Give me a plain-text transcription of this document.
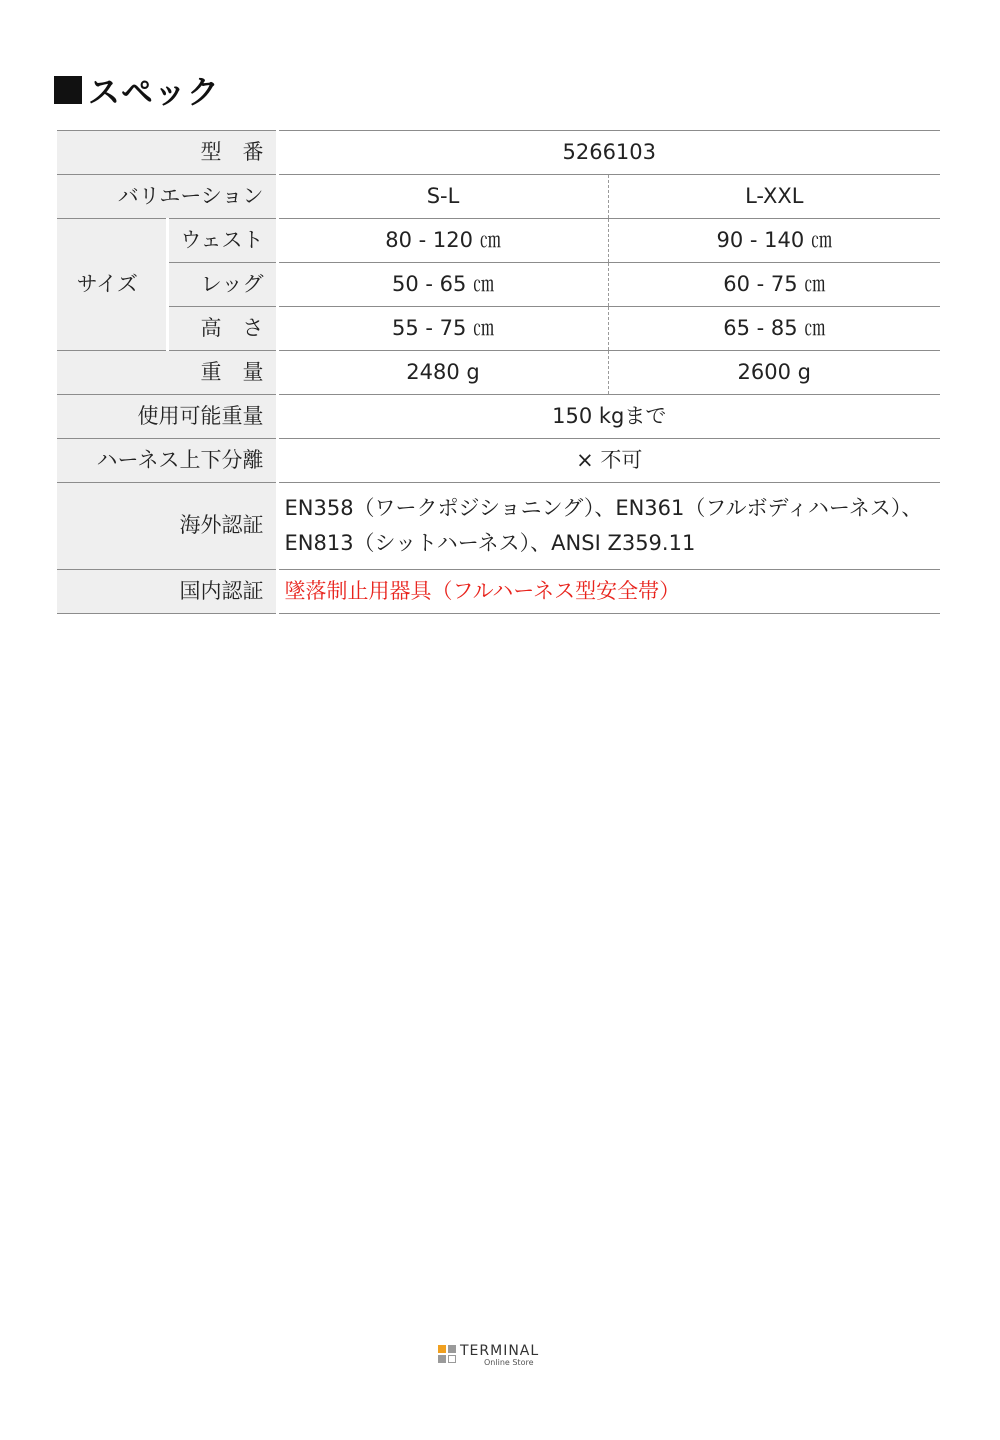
スペック
型　番		5266103	
バリエーション		S-L	L-XXL
サイズ	ウェスト	80 - 120 ㎝	90 - 140 ㎝
	レッグ	50 - 65 ㎝	60 - 75 ㎝
	高　さ	55 - 75 ㎝	65 - 85 ㎝
重　量		2480 g	2600 g
使用可能重量		150 kgまで	
ハーネス上下分離		× 不可	
海外認証		EN358（ワークポジショニング）、EN361（フルボディハーネス）、EN813（シットハーネス）、ANSI Z359.11	
国内認証		墜落制止用器具（フルハーネス型安全帯）	
TERMINAL
Online Store
